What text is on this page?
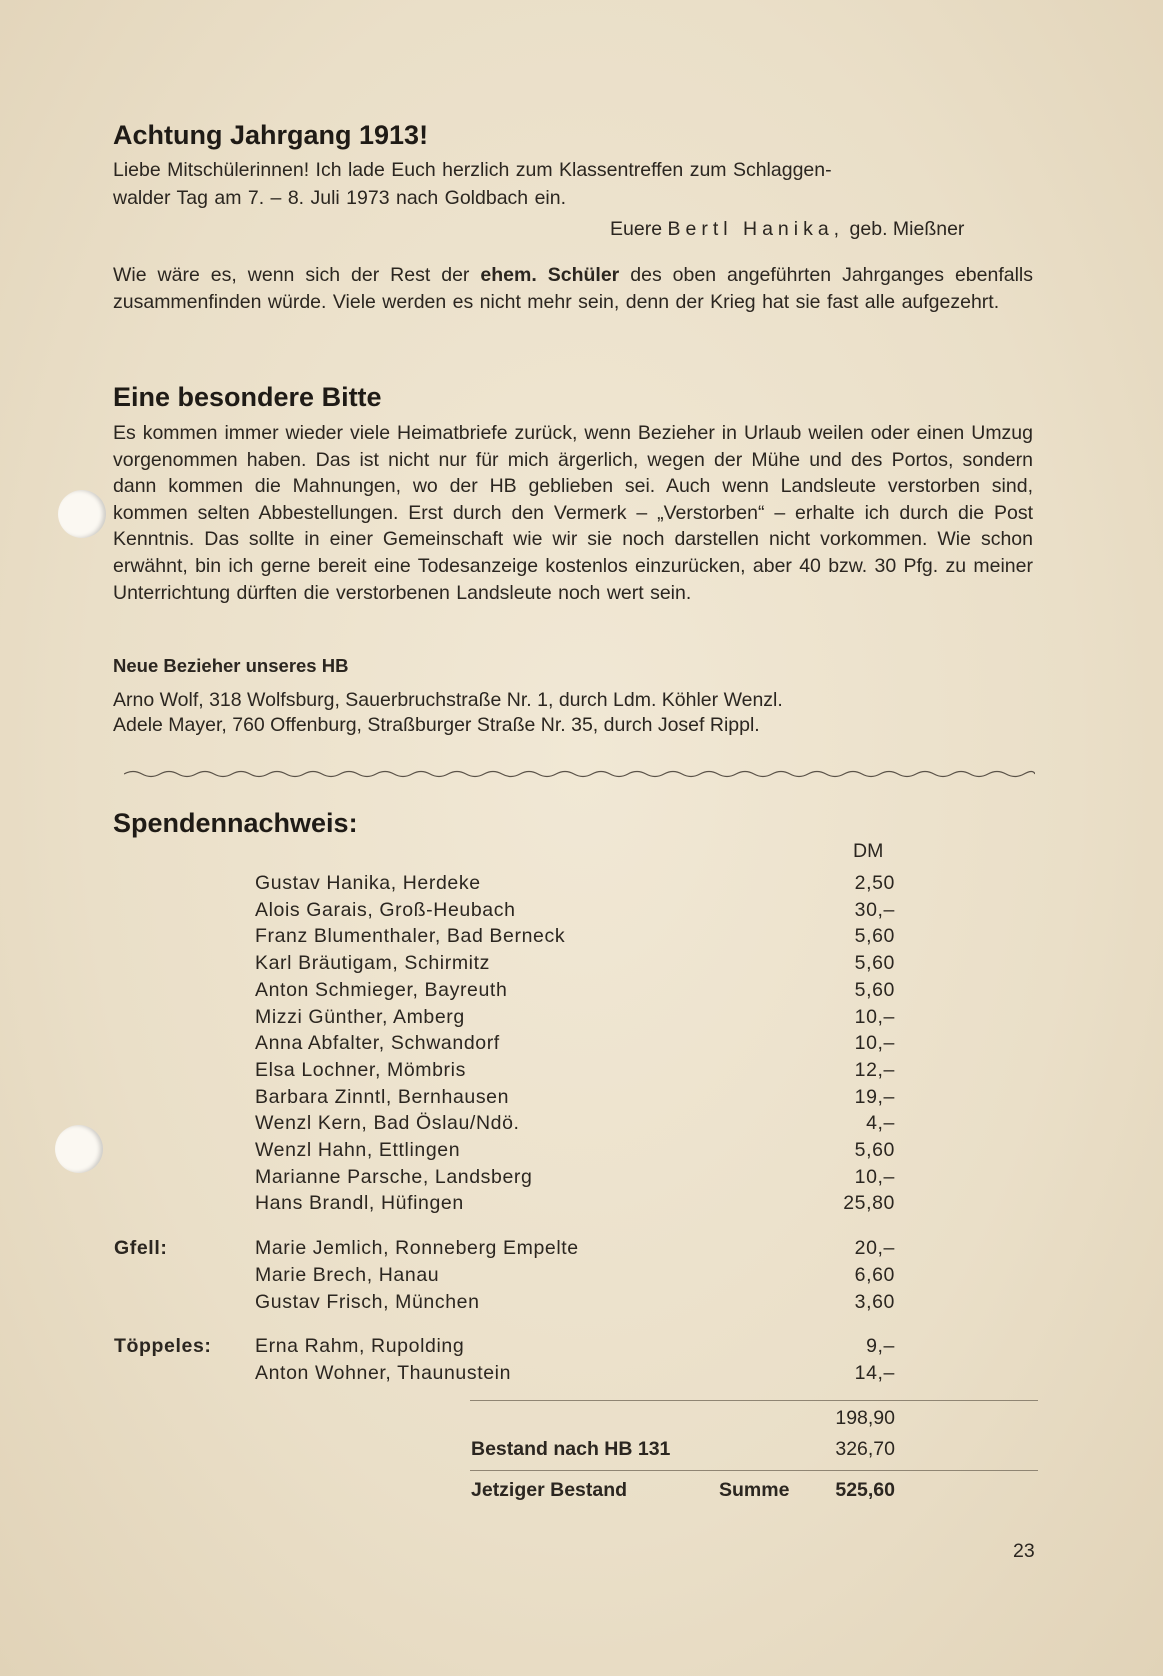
Achtung Jahrgang 1913!
Liebe Mitschülerinnen! Ich lade Euch herzlich zum Klassentreffen zum Schlaggen-
walder Tag am 7. – 8. Juli 1973 nach Goldbach ein.
Euere Bertl Hanika, geb. Mießner
Wie wäre es, wenn sich der Rest der ehem. Schüler des oben angeführten Jahrganges ebenfalls zusammenfinden würde. Viele werden es nicht mehr sein, denn der Krieg hat sie fast alle aufgezehrt.
Eine besondere Bitte
Es kommen immer wieder viele Heimatbriefe zurück, wenn Bezieher in Urlaub weilen oder einen Umzug vorgenommen haben. Das ist nicht nur für mich ärgerlich, wegen der Mühe und des Portos, sondern dann kommen die Mahnungen, wo der HB geblieben sei. Auch wenn Landsleute verstorben sind, kommen selten Abbestellungen. Erst durch den Vermerk – „Verstorben“ – erhalte ich durch die Post Kenntnis. Das sollte in einer Gemeinschaft wie wir sie noch darstellen nicht vorkommen. Wie schon erwähnt, bin ich gerne bereit eine Todesanzeige kostenlos einzurücken, aber 40 bzw. 30 Pfg. zu meiner Unterrichtung dürften die verstorbenen Landsleute noch wert sein.
Neue Bezieher unseres HB
Arno Wolf, 318 Wolfsburg, Sauerbruchstraße Nr. 1, durch Ldm. Köhler Wenzl.
Adele Mayer, 760 Offenburg, Straßburger Straße Nr. 35, durch Josef Rippl.
Spendennachweis:
DM
Gustav Hanika, Herdeke	2,50
Alois Garais, Groß-Heubach	30,–
Franz Blumenthaler, Bad Berneck	5,60
Karl Bräutigam, Schirmitz	5,60
Anton Schmieger, Bayreuth	5,60
Mizzi Günther, Amberg	10,–
Anna Abfalter, Schwandorf	10,–
Elsa Lochner, Mömbris	12,–
Barbara Zinntl, Bernhausen	19,–
Wenzl Kern, Bad Öslau/Ndö.	4,–
Wenzl Hahn, Ettlingen	5,60
Marianne Parsche, Landsberg	10,–
Hans Brandl, Hüfingen	25,80
Gfell:	Marie Jemlich, Ronneberg Empelte	20,–
Marie Brech, Hanau	6,60
Gustav Frisch, München	3,60
Töppeles: Erna Rahm, Rupolding	9,–
Anton Wohner, Thaunustein	14,–
198,90
Bestand nach HB 131	326,70
Jetziger Bestand	Summe	525,60
23
